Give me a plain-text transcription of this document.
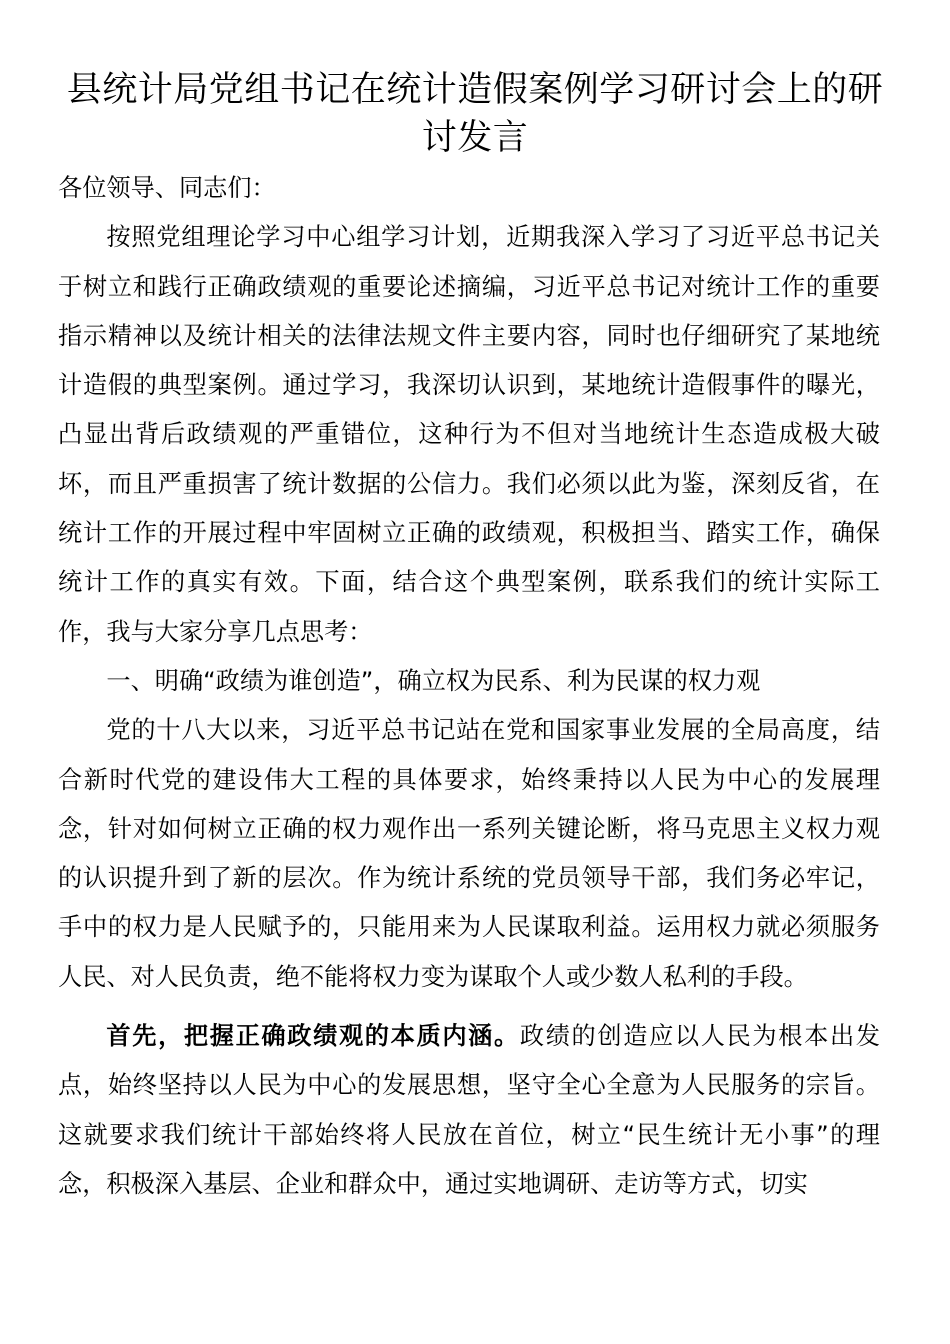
县统计局党组书记在统计造假案例学习研讨会上的研讨发言

各位领导、同志们：

按照党组理论学习中心组学习计划，近期我深入学习了习近平总书记关于树立和践行正确政绩观的重要论述摘编，习近平总书记对统计工作的重要指示精神以及统计相关的法律法规文件主要内容，同时也仔细研究了某地统计造假的典型案例。通过学习，我深切认识到，某地统计造假事件的曝光，凸显出背后政绩观的严重错位，这种行为不但对当地统计生态造成极大破坏，而且严重损害了统计数据的公信力。我们必须以此为鉴，深刻反省，在统计工作的开展过程中牢固树立正确的政绩观，积极担当、踏实工作，确保统计工作的真实有效。下面，结合这个典型案例，联系我们的统计实际工作，我与大家分享几点思考：

一、明确“政绩为谁创造”，确立权为民系、利为民谋的权力观

党的十八大以来，习近平总书记站在党和国家事业发展的全局高度，结合新时代党的建设伟大工程的具体要求，始终秉持以人民为中心的发展理念，针对如何树立正确的权力观作出一系列关键论断，将马克思主义权力观的认识提升到了新的层次。作为统计系统的党员领导干部，我们务必牢记，手中的权力是人民赋予的，只能用来为人民谋取利益。运用权力就必须服务人民、对人民负责，绝不能将权力变为谋取个人或少数人私利的手段。

首先，把握正确政绩观的本质内涵。政绩的创造应以人民为根本出发点，始终坚持以人民为中心的发展思想，坚守全心全意为人民服务的宗旨。这就要求我们统计干部始终将人民放在首位，树立“民生统计无小事”的理念，积极深入基层、企业和群众中，通过实地调研、走访等方式，切实
